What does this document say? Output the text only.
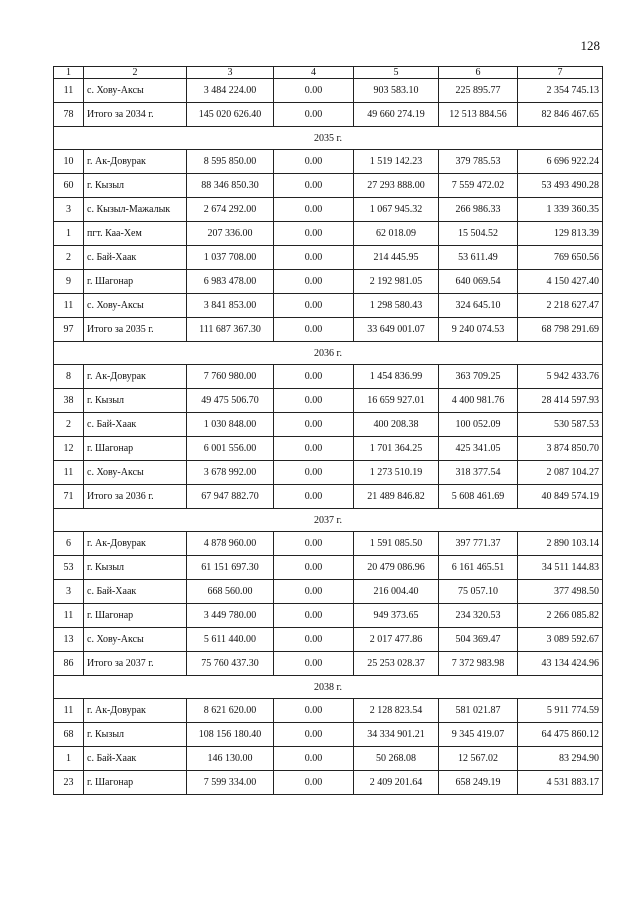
128
1	2	3	4	5	6	7
11	с. Хову-Аксы	3 484 224.00	0.00	903 583.10	225 895.77	2 354 745.13
78	Итого за 2034 г.	145 020 626.40	0.00	49 660 274.19	12 513 884.56	82 846 467.65
2035 г.						
10	г. Ак-Довурак	8 595 850.00	0.00	1 519 142.23	379 785.53	6 696 922.24
60	г. Кызыл	88 346 850.30	0.00	27 293 888.00	7 559 472.02	53 493 490.28
3	с. Кызыл-Мажалык	2 674 292.00	0.00	1 067 945.32	266 986.33	1 339 360.35
1	пгт. Каа-Хем	207 336.00	0.00	62 018.09	15 504.52	129 813.39
2	с. Бай-Хаак	1 037 708.00	0.00	214 445.95	53 611.49	769 650.56
9	г. Шагонар	6 983 478.00	0.00	2 192 981.05	640 069.54	4 150 427.40
11	с. Хову-Аксы	3 841 853.00	0.00	1 298 580.43	324 645.10	2 218 627.47
97	Итого за 2035 г.	111 687 367.30	0.00	33 649 001.07	9 240 074.53	68 798 291.69
2036 г.						
8	г. Ак-Довурак	7 760 980.00	0.00	1 454 836.99	363 709.25	5 942 433.76
38	г. Кызыл	49 475 506.70	0.00	16 659 927.01	4 400 981.76	28 414 597.93
2	с. Бай-Хаак	1 030 848.00	0.00	400 208.38	100 052.09	530 587.53
12	г. Шагонар	6 001 556.00	0.00	1 701 364.25	425 341.05	3 874 850.70
11	с. Хову-Аксы	3 678 992.00	0.00	1 273 510.19	318 377.54	2 087 104.27
71	Итого за 2036 г.	67 947 882.70	0.00	21 489 846.82	5 608 461.69	40 849 574.19
2037 г.						
6	г. Ак-Довурак	4 878 960.00	0.00	1 591 085.50	397 771.37	2 890 103.14
53	г. Кызыл	61 151 697.30	0.00	20 479 086.96	6 161 465.51	34 511 144.83
3	с. Бай-Хаак	668 560.00	0.00	216 004.40	75 057.10	377 498.50
11	г. Шагонар	3 449 780.00	0.00	949 373.65	234 320.53	2 266 085.82
13	с. Хову-Аксы	5 611 440.00	0.00	2 017 477.86	504 369.47	3 089 592.67
86	Итого за 2037 г.	75 760 437.30	0.00	25 253 028.37	7 372 983.98	43 134 424.96
2038 г.						
11	г. Ак-Довурак	8 621 620.00	0.00	2 128 823.54	581 021.87	5 911 774.59
68	г. Кызыл	108 156 180.40	0.00	34 334 901.21	9 345 419.07	64 475 860.12
1	с. Бай-Хаак	146 130.00	0.00	50 268.08	12 567.02	83 294.90
23	г. Шагонар	7 599 334.00	0.00	2 409 201.64	658 249.19	4 531 883.17
